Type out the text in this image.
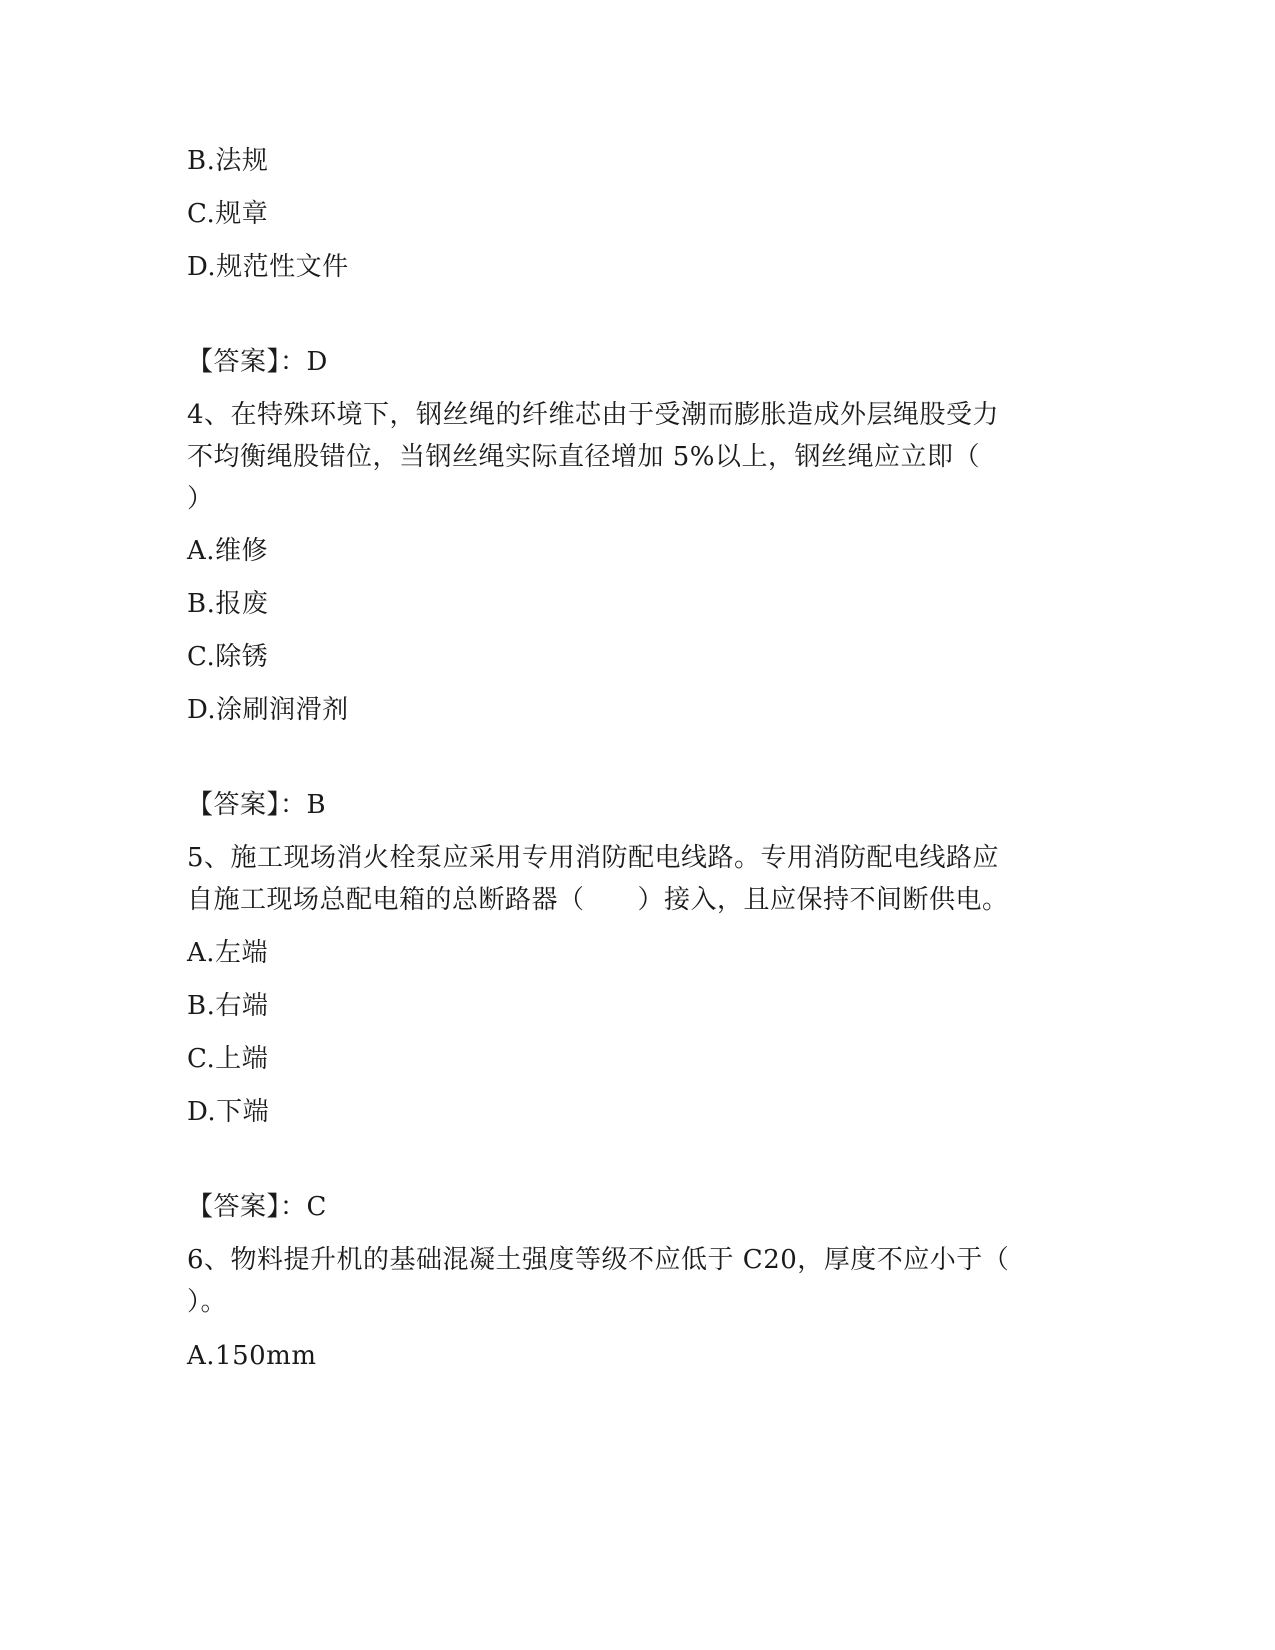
B.法规
C.规章
D.规范性文件
【答案】：D
4、在特殊环境下，钢丝绳的纤维芯由于受潮而膨胀造成外层绳股受力
不均衡绳股错位，当钢丝绳实际直径增加 5%以上，钢丝绳应立即（
）
A.维修
B.报废
C.除锈
D.涂刷润滑剂
【答案】：B
5、施工现场消火栓泵应采用专用消防配电线路。专用消防配电线路应
自施工现场总配电箱的总断路器（　　）接入，且应保持不间断供电。
A.左端
B.右端
C.上端
D.下端
【答案】：C
6、物料提升机的基础混凝土强度等级不应低于 C20，厚度不应小于（
）。
A.150mm
